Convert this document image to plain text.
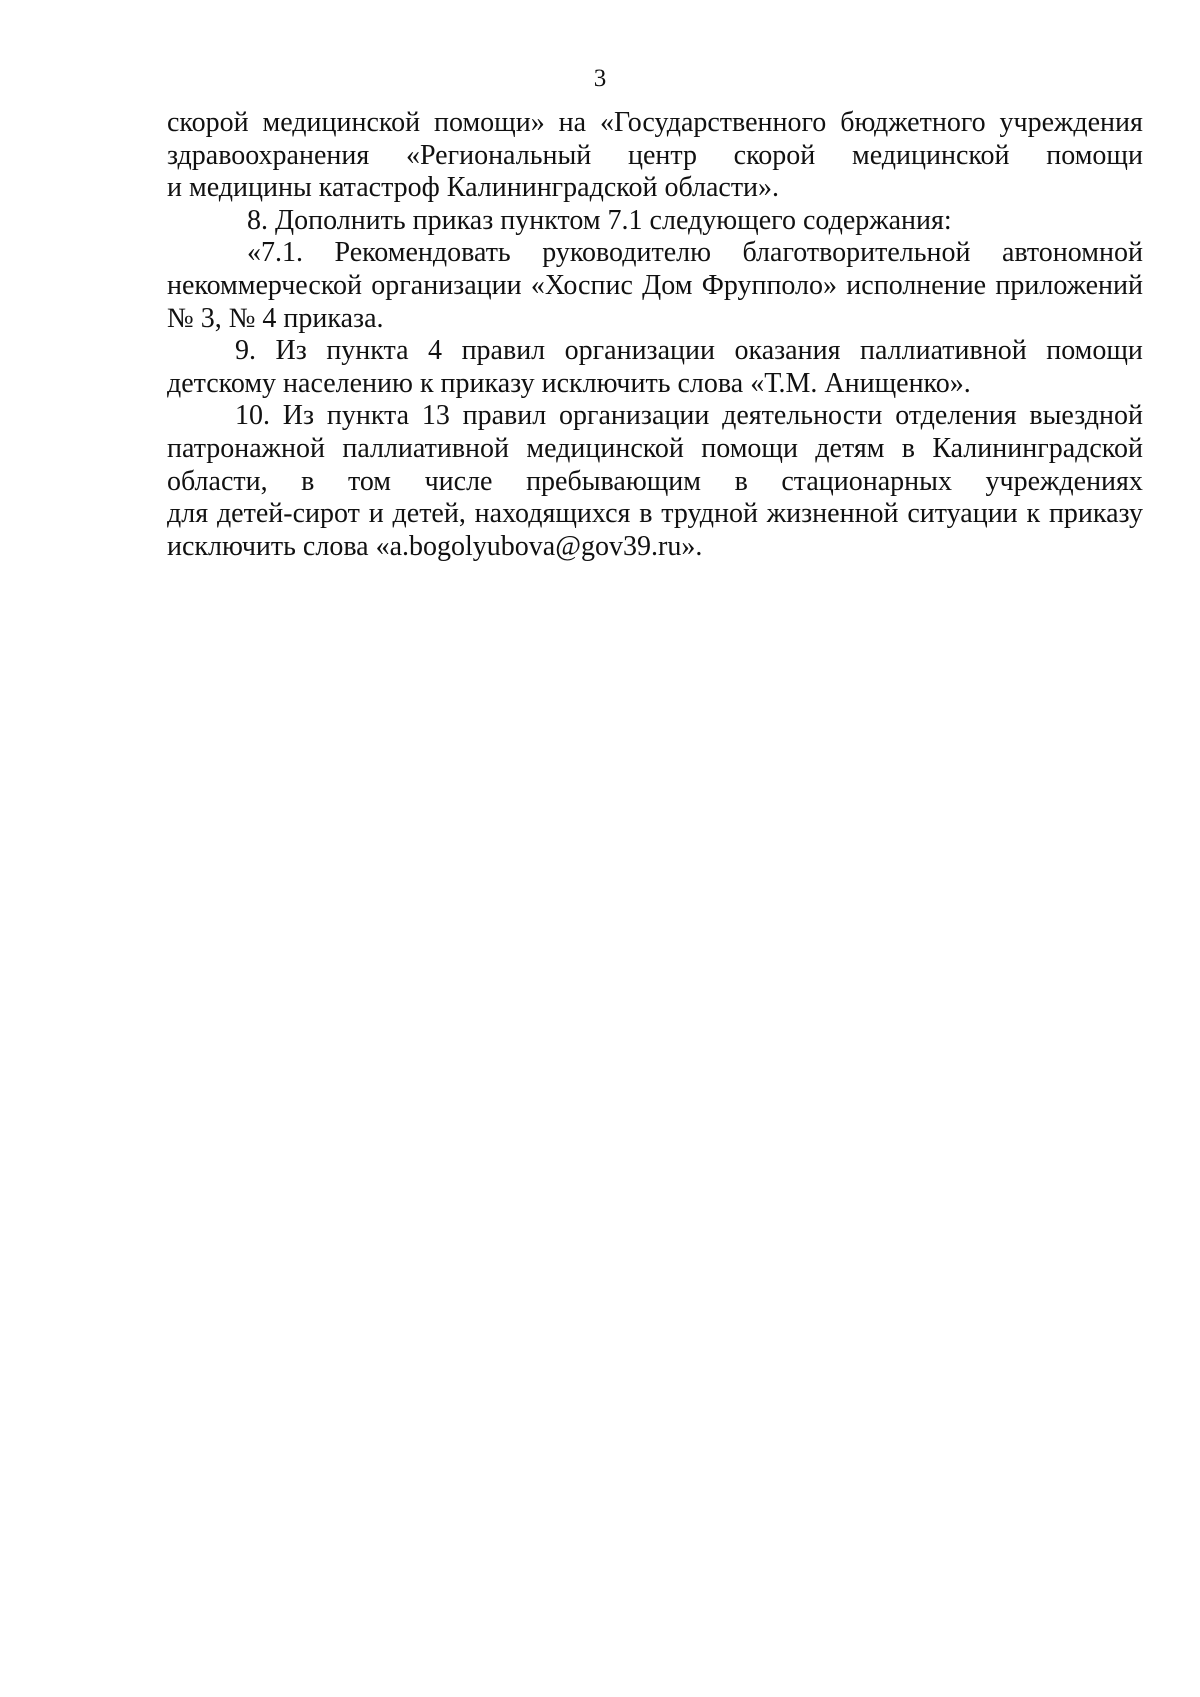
3
скорой медицинской помощи» на «Государственного бюджетного учреждения
здравоохранения «Региональный центр скорой медицинской помощи
и медицины катастроф Калининградской области».
8. Дополнить приказ пунктом 7.1 следующего содержания:
«7.1. Рекомендовать руководителю благотворительной автономной
некоммерческой организации «Хоспис Дом Фрупполо» исполнение приложений
№ 3, № 4 приказа.
9. Из пункта 4 правил организации оказания паллиативной помощи
детскому населению к приказу исключить слова «Т.М. Анищенко».
10. Из пункта 13 правил организации деятельности отделения выездной
патронажной паллиативной медицинской помощи детям в Калининградской
области, в том числе пребывающим в стационарных учреждениях
для детей-сирот и детей, находящихся в трудной жизненной ситуации к приказу
исключить слова «a.bogolyubova@gov39.ru».
